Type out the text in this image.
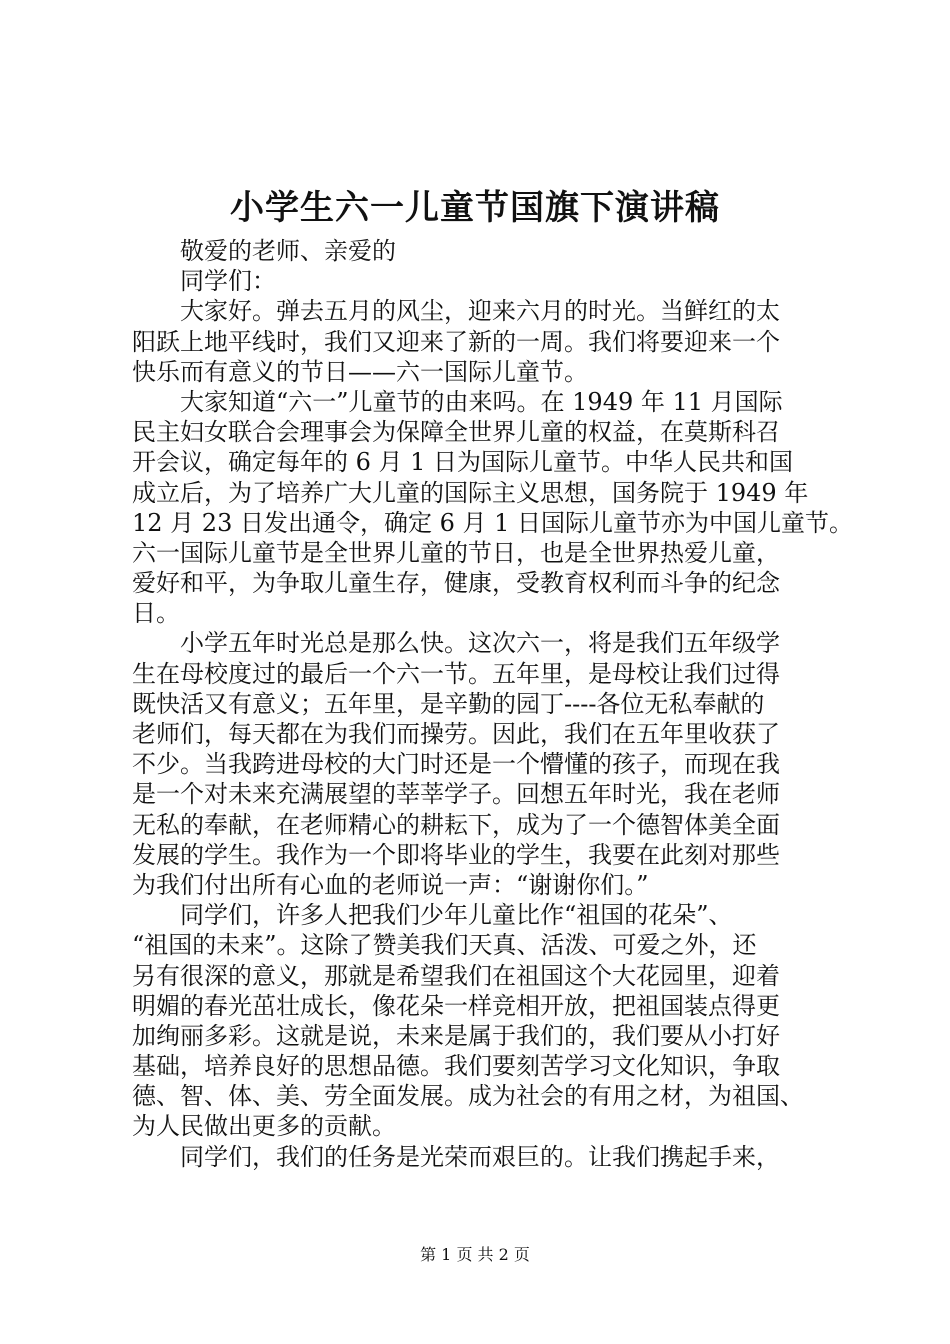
小学生六一儿童节国旗下演讲稿
敬爱的老师、亲爱的
同学们：
大家好。弹去五月的风尘，迎来六月的时光。当鲜红的太
阳跃上地平线时，我们又迎来了新的一周。我们将要迎来一个
快乐而有意义的节日——六一国际儿童节。
大家知道“六一”儿童节的由来吗。在 1949 年 11 月国际
民主妇女联合会理事会为保障全世界儿童的权益，在莫斯科召
开会议，确定每年的 6 月 1 日为国际儿童节。中华人民共和国
成立后，为了培养广大儿童的国际主义思想，国务院于 1949 年
12 月 23 日发出通令，确定 6 月 1 日国际儿童节亦为中国儿童节。
六一国际儿童节是全世界儿童的节日，也是全世界热爱儿童，
爱好和平，为争取儿童生存，健康，受教育权利而斗争的纪念
日。
小学五年时光总是那么快。这次六一，将是我们五年级学
生在母校度过的最后一个六一节。五年里，是母校让我们过得
既快活又有意义；五年里，是辛勤的园丁----各位无私奉献的
老师们，每天都在为我们而操劳。因此，我们在五年里收获了
不少。当我跨进母校的大门时还是一个懵懂的孩子，而现在我
是一个对未来充满展望的莘莘学子。回想五年时光，我在老师
无私的奉献，在老师精心的耕耘下，成为了一个德智体美全面
发展的学生。我作为一个即将毕业的学生，我要在此刻对那些
为我们付出所有心血的老师说一声：“谢谢你们。”
同学们，许多人把我们少年儿童比作“祖国的花朵”、
“祖国的未来”。这除了赞美我们天真、活泼、可爱之外，还
另有很深的意义，那就是希望我们在祖国这个大花园里，迎着
明媚的春光茁壮成长，像花朵一样竞相开放，把祖国装点得更
加绚丽多彩。这就是说，未来是属于我们的，我们要从小打好
基础，培养良好的思想品德。我们要刻苦学习文化知识，争取
德、智、体、美、劳全面发展。成为社会的有用之材，为祖国、
为人民做出更多的贡献。
同学们，我们的任务是光荣而艰巨的。让我们携起手来，
第 1 页 共 2 页
